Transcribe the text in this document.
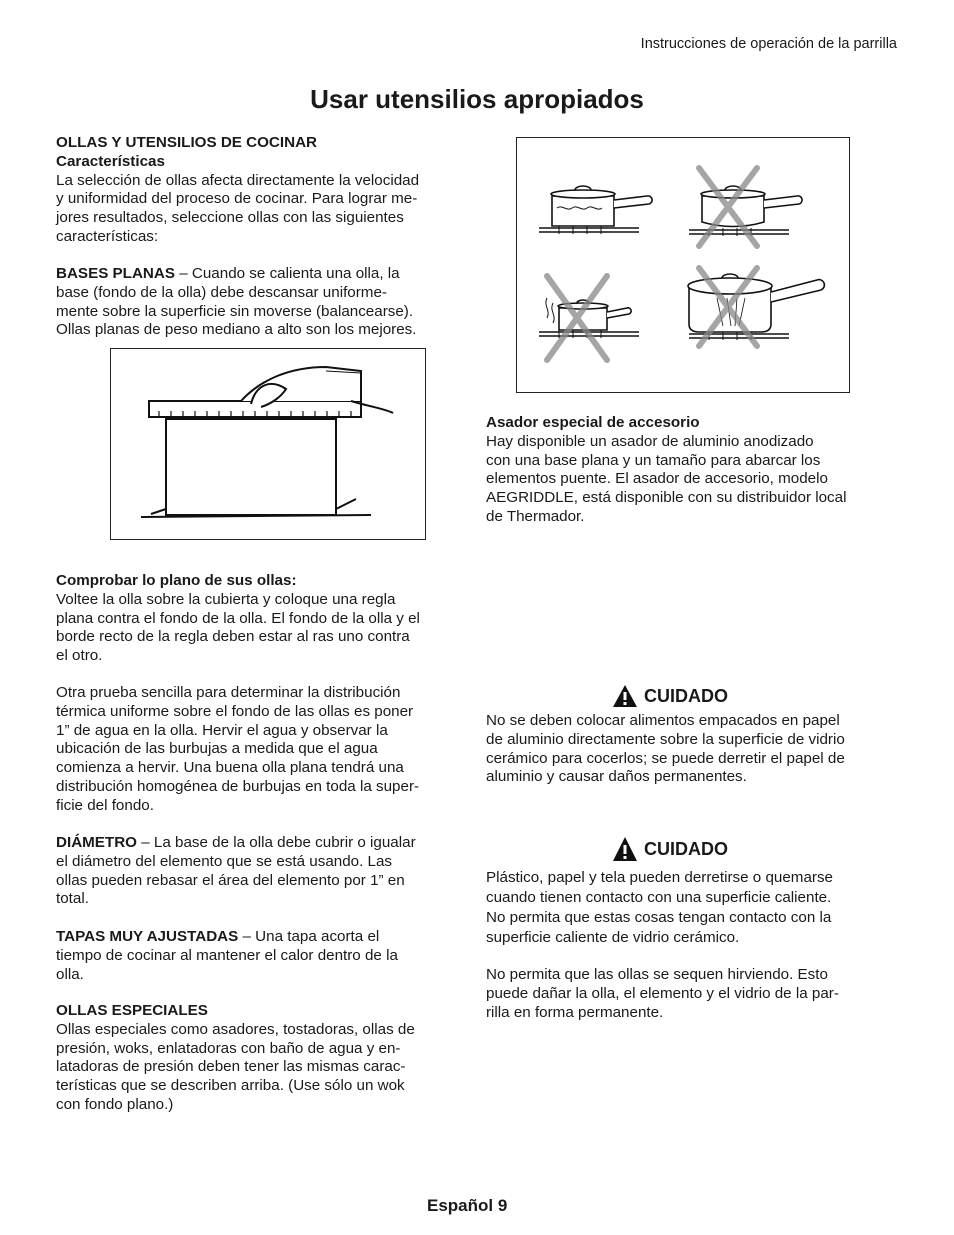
Instrucciones de operación de la parrilla
Usar utensilios apropiados

OLLAS Y UTENSILIOS DE COCINAR

Características

La selección de ollas afecta directamente la velocidad

y uniformidad del proceso de cocinar. Para lograr me-

jores resultados, seleccione ollas con las siguientes

características:

BASES PLANAS – Cuando se calienta una olla, la

base (fondo de la olla) debe descansar uniforme-

mente sobre la superficie sin moverse (balancearse).

Ollas planas de peso mediano a alto son los mejores.

Comprobar lo plano de sus ollas:

Voltee la olla sobre la cubierta y coloque una regla

plana contra el fondo de la olla. El fondo de la olla y el

borde recto de la regla deben estar al ras uno contra

el otro.

Otra prueba sencilla para determinar la distribución

térmica uniforme sobre el fondo de las ollas es poner

1” de agua en la olla. Hervir el agua y observar la

ubicación de las burbujas a medida que el agua

comienza a hervir. Una buena olla plana tendrá una

distribución homogénea de burbujas en toda la super-

ficie del fondo.

DIÁMETRO – La base de la olla debe cubrir o igualar

el diámetro del elemento que se está usando. Las

ollas pueden rebasar el área del elemento por 1” en

total.

TAPAS MUY AJUSTADAS – Una tapa acorta el

tiempo de cocinar al mantener el calor dentro de la

olla.

OLLAS ESPECIALES

Ollas especiales como asadores, tostadoras, ollas de

presión, woks, enlatadoras con baño de agua y en-

latadoras de presión deben tener las mismas carac-

terísticas que se describen arriba. (Use sólo un wok

con fondo plano.)

Asador especial de accesorio

Hay disponible un asador de aluminio anodizado

con una base plana y un tamaño para abarcar los

elementos puente. El asador de accesorio, modelo

AEGRIDDLE, está disponible con su distribuidor local

de Thermador.

CUIDADO

No se deben colocar alimentos empacados en papel

de aluminio directamente sobre la superficie de vidrio

cerámico para cocerlos; se puede derretir el papel de

aluminio y causar daños permanentes.

CUIDADO

Plástico, papel y tela pueden derretirse o quemarse

cuando tienen contacto con una superficie caliente.

No permita que estas cosas tengan contacto con la

superficie caliente de vidrio cerámico.

No permita que las ollas se sequen hirviendo. Esto

puede dañar la olla, el elemento y el vidrio de la par-

rilla en forma permanente.

Español 9
